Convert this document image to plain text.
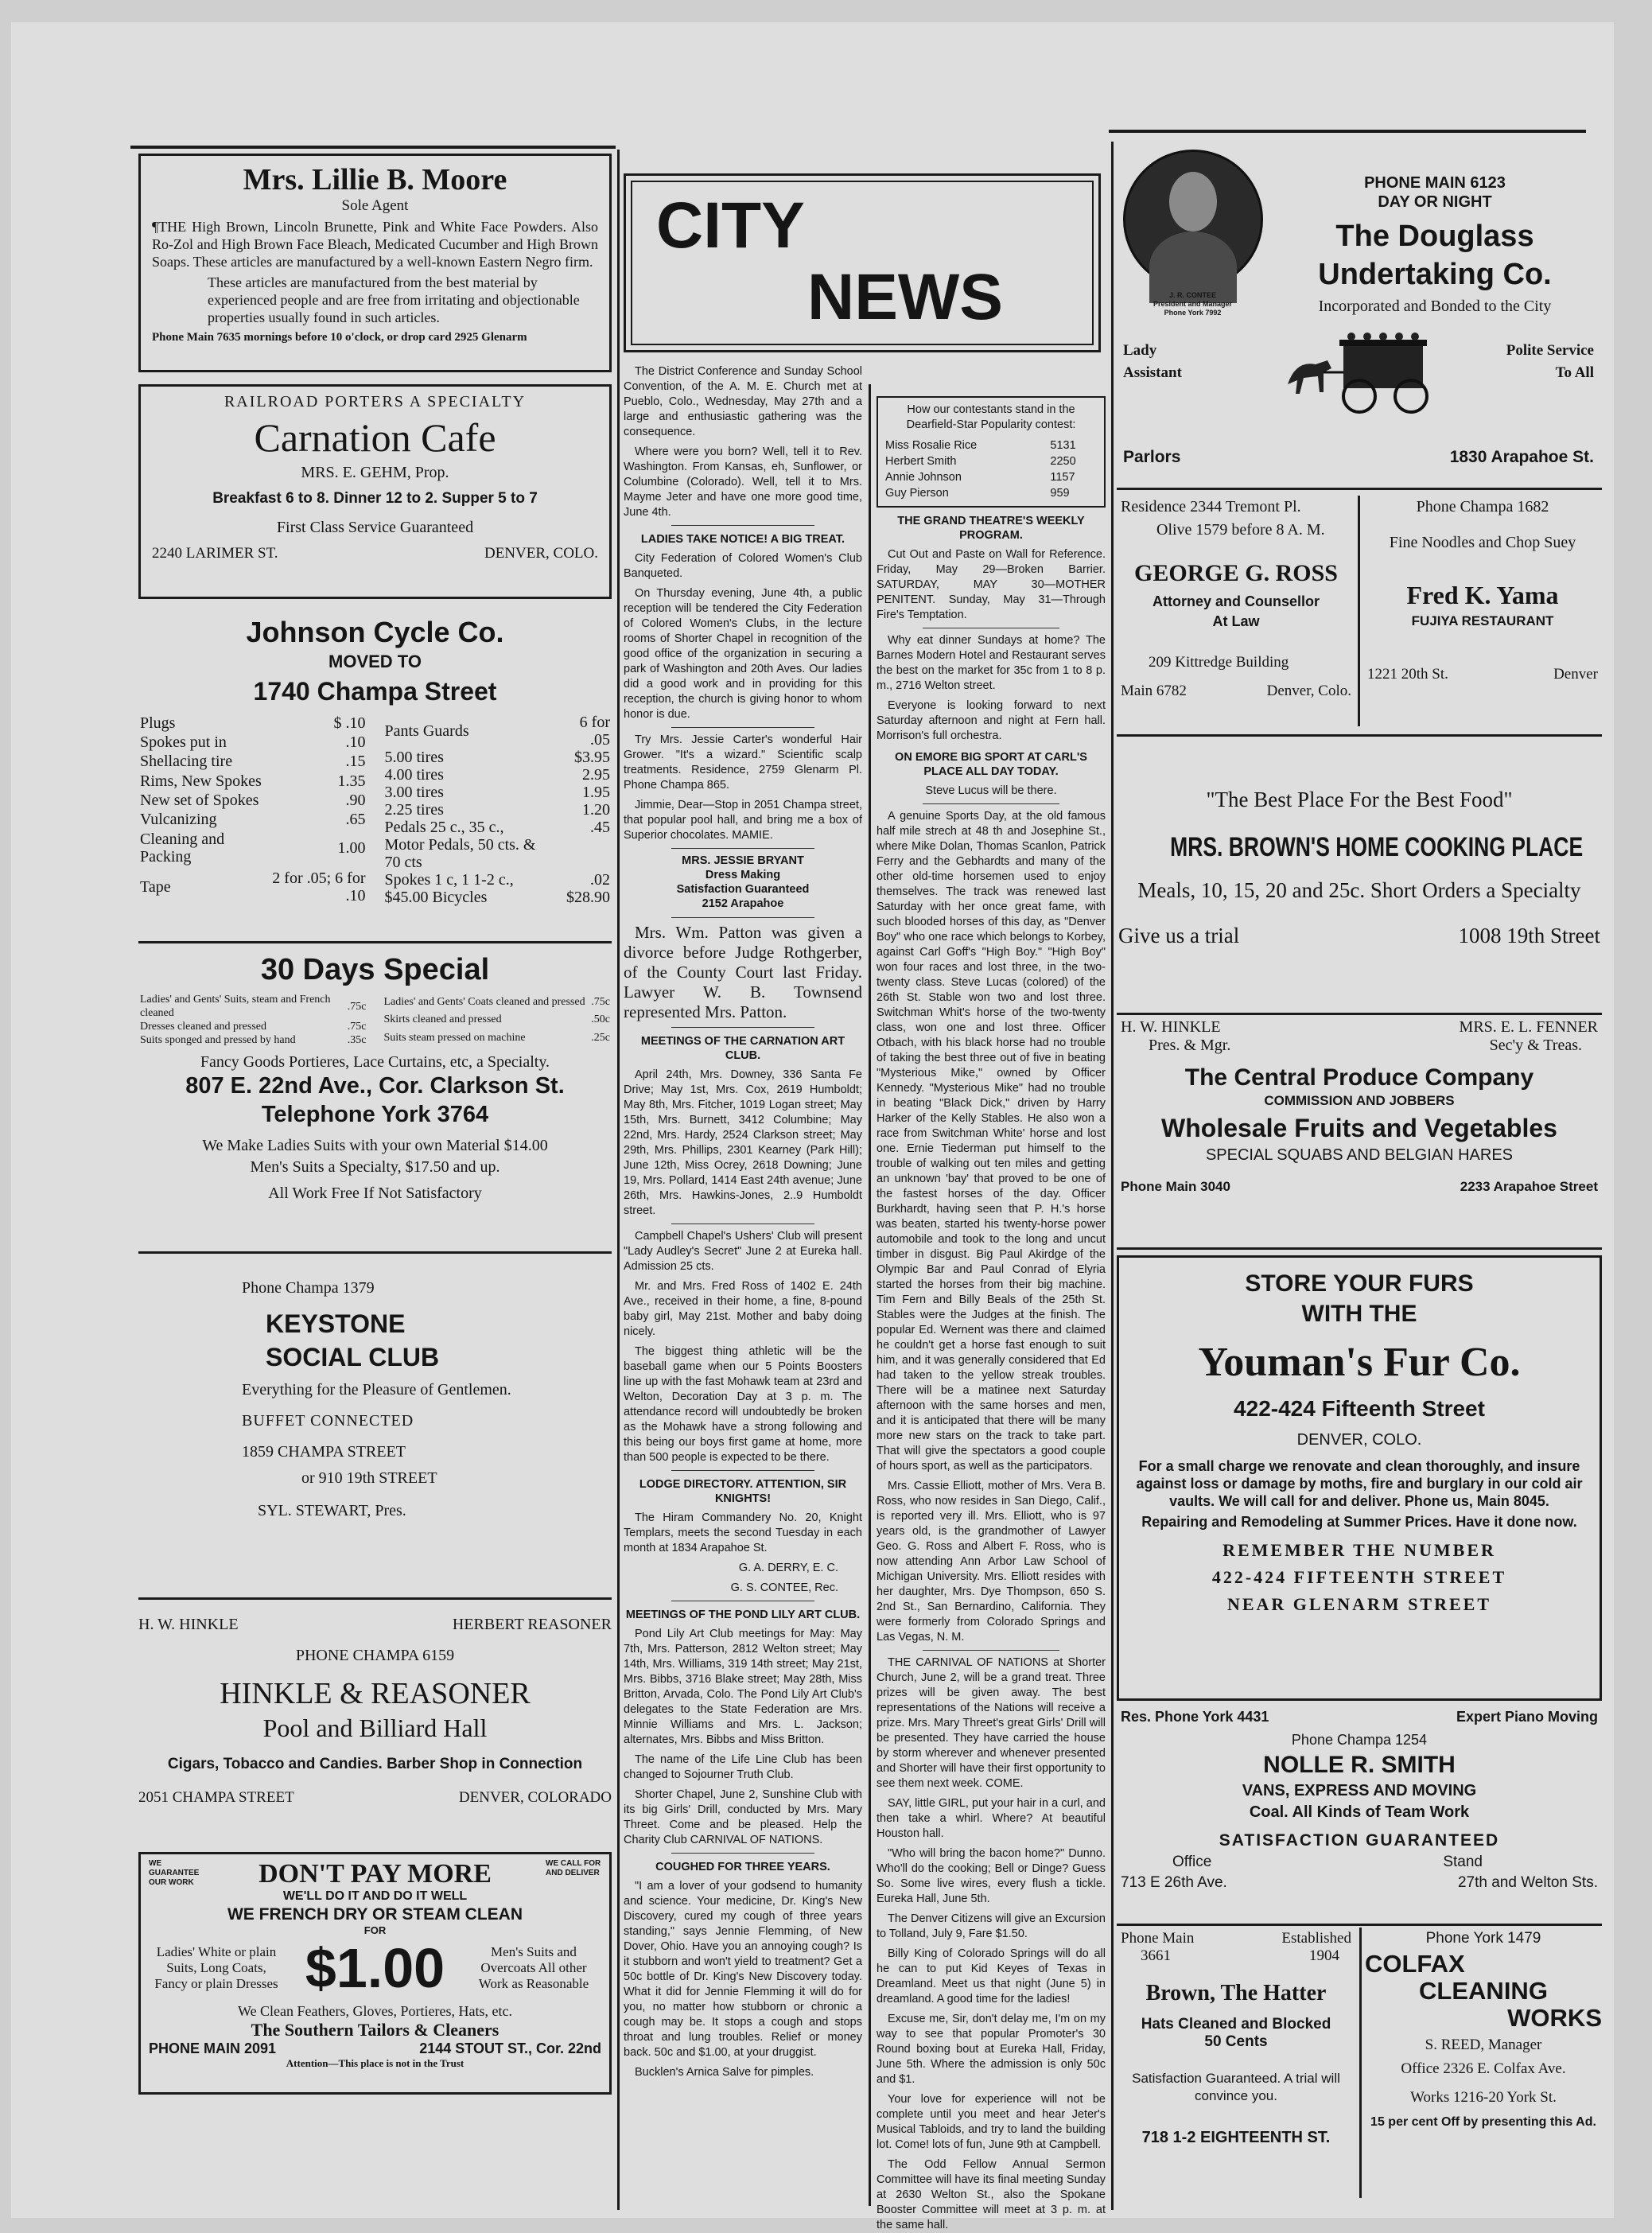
Mrs. Lillie B. Moore

Sole Agent

¶THE High Brown, Lincoln Brunette, Pink and White Face Powders. Also Ro-Zol and High Brown Face Bleach, Medicated Cucumber and High Brown Soaps. These articles are manufactured by a well-known Eastern Negro firm.

These articles are manufactured from the best material by experienced people and are free from irritating and objectionable properties usually found in such articles.

Phone Main 7635 mornings before 10 o'clock, or drop card 2925 Glenarm

RAILROAD PORTERS A SPECIALTY

Carnation Cafe

MRS. E. GEHM, Prop.

Breakfast 6 to 8. Dinner 12 to 2. Supper 5 to 7

First Class Service Guaranteed

2240 LARIMER ST.	DENVER, COLO.

Johnson Cycle Co.

MOVED TO

1740 Champa Street

Plugs	$ .10
Spokes put in	.10
Shellacing tire	.15
Rims, New Spokes	1.35
New set of Spokes	.90
Vulcanizing	.65
Cleaning and Packing	1.00
Tape	2 for .05; 6 for .10
Pants Guards	6 for .05
5.00 tires	$3.95
4.00 tires	2.95
3.00 tires	1.95
2.25 tires	1.20
Pedals 25 c., 35 c.,	.45
Motor Pedals, 50 cts. & 70 cts	
Spokes 1 c, 1 1-2 c.,	.02
$45.00 Bicycles	$28.90

30 Days Special

Ladies' and Gents' Suits, steam and French cleaned	.75c
Dresses cleaned and pressed	.75c
Suits sponged and pressed by hand	.35c
Ladies' and Gents' Coats cleaned and pressed	.75c
Skirts cleaned and pressed	.50c
Suits steam pressed on machine	.25c

Fancy Goods Portieres, Lace Curtains, etc, a Specialty.

807 E. 22nd Ave., Cor. Clarkson St.

Telephone York 3764

We Make Ladies Suits with your own Material $14.00

Men's Suits a Specialty, $17.50 and up.

All Work Free If Not Satisfactory

Phone Champa 1379

KEYSTONE

SOCIAL CLUB

Everything for the Pleasure of Gentlemen.

BUFFET CONNECTED

1859 CHAMPA STREET

or 910 19th STREET

SYL. STEWART, Pres.

H. W. HINKLE	HERBERT REASONER

PHONE CHAMPA 6159

HINKLE & REASONER

Pool and Billiard Hall

Cigars, Tobacco and Candies. Barber Shop in Connection

2051 CHAMPA STREET	DENVER, COLORADO
WE GUARANTEE OUR WORK	DON'T PAY MORE	WE CALL FOR AND DELIVER

WE'LL DO IT AND DO IT WELL

WE FRENCH DRY OR STEAM CLEAN

FOR

Ladies' White or plain Suits, Long Coats, Fancy or plain Dresses $1.00	Men's Suits and Overcoats All other Work as Reasonable

We Clean Feathers, Gloves, Portieres, Hats, etc.

The Southern Tailors & Cleaners

PHONE MAIN 2091	2144 STOUT ST., Cor. 22nd

Attention—This place is not in the Trust

CITY
NEWS

The District Conference and Sunday School Convention, of the A. M. E. Church met at Pueblo, Colo., Wednesday, May 27th and a large and enthusiastic gathering was the consequence.

Where were you born? Well, tell it to Rev. Washington. From Kansas, eh, Sunflower, or Columbine (Colorado). Well, tell it to Mrs. Mayme Jeter and have one more good time, June 4th.

LADIES TAKE NOTICE! A BIG TREAT.

City Federation of Colored Women's Club Banqueted.

On Thursday evening, June 4th, a public reception will be tendered the City Federation of Colored Women's Clubs, in the lecture rooms of Shorter Chapel in recognition of the good office of the organization in securing a park of Washington and 20th Aves. Our ladies did a good work and in providing for this reception, the church is giving honor to whom honor is due.

Try Mrs. Jessie Carter's wonderful Hair Grower. "It's a wizard." Scientific scalp treatments. Residence, 2759 Glenarm Pl. Phone Champa 865.

Jimmie, Dear—Stop in 2051 Champa street, that popular pool hall, and bring me a box of Superior chocolates. MAMIE.

MRS. JESSIE BRYANT

Dress Making

Satisfaction Guaranteed

2152 Arapahoe

Mrs. Wm. Patton was given a divorce before Judge Rothgerber, of the County Court last Friday. Lawyer W. B. Townsend represented Mrs. Patton.

MEETINGS OF THE CARNATION ART CLUB.

April 24th, Mrs. Downey, 336 Santa Fe Drive; May 1st, Mrs. Cox, 2619 Humboldt; May 8th, Mrs. Fitcher, 1019 Logan street; May 15th, Mrs. Burnett, 3412 Columbine; May 22nd, Mrs. Hardy, 2524 Clarkson street; May 29th, Mrs. Phillips, 2301 Kearney (Park Hill); June 12th, Miss Ocrey, 2618 Downing; June 19, Mrs. Pollard, 1414 East 24th avenue; June 26th, Mrs. Hawkins-Jones, 2..9 Humboldt street.

Campbell Chapel's Ushers' Club will present "Lady Audley's Secret" June 2 at Eureka hall. Admission 25 cts.

Mr. and Mrs. Fred Ross of 1402 E. 24th Ave., received in their home, a fine, 8-pound baby girl, May 21st. Mother and baby doing nicely.

The biggest thing athletic will be the baseball game when our 5 Points Boosters line up with the fast Mohawk team at 23rd and Welton, Decoration Day at 3 p. m. The attendance record will undoubtedly be broken as the Mohawk have a strong following and this being our boys first game at home, more than 500 people is expected to be there.

LODGE DIRECTORY. ATTENTION, SIR KNIGHTS!

The Hiram Commandery No. 20, Knight Templars, meets the second Tuesday in each month at 1834 Arapahoe St.

G. A. DERRY, E. C.

G. S. CONTEE, Rec.

MEETINGS OF THE POND LILY ART CLUB.

Pond Lily Art Club meetings for May: May 7th, Mrs. Patterson, 2812 Welton street; May 14th, Mrs. Williams, 319 14th street; May 21st, Mrs. Bibbs, 3716 Blake street; May 28th, Miss Britton, Arvada, Colo. The Pond Lily Art Club's delegates to the State Federation are Mrs. Minnie Williams and Mrs. L. Jackson; alternates, Mrs. Bibbs and Miss Britton.

The name of the Life Line Club has been changed to Sojourner Truth Club.

Shorter Chapel, June 2, Sunshine Club with its big Girls' Drill, conducted by Mrs. Mary Threet. Come and be pleased. Help the Charity Club CARNIVAL OF NATIONS.

COUGHED FOR THREE YEARS.

"I am a lover of your godsend to humanity and science. Your medicine, Dr. King's New Discovery, cured my cough of three years standing," says Jennie Flemming, of New Dover, Ohio. Have you an annoying cough? Is it stubborn and won't yield to treatment? Get a 50c bottle of Dr. King's New Discovery today. What it did for Jennie Flemming it will do for you, no matter how stubborn or chronic a cough may be. It stops a cough and stops throat and lung troubles. Relief or money back. 50c and $1.00, at your druggist.

Bucklen's Arnica Salve for pimples.

How our contestants stand in the Dearfield-Star Popularity contest:

Miss Rosalie Rice	5131
Herbert Smith	2250
Annie Johnson	1157
Guy Pierson	959

THE GRAND THEATRE'S WEEKLY PROGRAM.

Cut Out and Paste on Wall for Reference. Friday, May 29—Broken Barrier. SATURDAY, MAY 30—MOTHER PENITENT. Sunday, May 31—Through Fire's Temptation.

Why eat dinner Sundays at home? The Barnes Modern Hotel and Restaurant serves the best on the market for 35c from 1 to 8 p. m., 2716 Welton street.

Everyone is looking forward to next Saturday afternoon and night at Fern hall. Morrison's full orchestra.

ON EMORE BIG SPORT AT CARL'S PLACE ALL DAY TODAY.

Steve Lucus will be there.

A genuine Sports Day, at the old famous half mile strech at 48 th and Josephine St., where Mike Dolan, Thomas Scanlon, Patrick Ferry and the Gebhardts and many of the other old-time horsemen used to enjoy themselves. The track was renewed last Saturday with her once great fame, with such blooded horses of this day, as "Denver Boy" who one race which belongs to Korbey, against Carl Goff's "High Boy." "High Boy" won four races and lost three, in the two-twenty class. Steve Lucas (colored) of the 26th St. Stable won two and lost three. Switchman Whit's horse of the two-twenty class, won one and lost three. Officer Otbach, with his black horse had no trouble of taking the best three out of five in beating "Mysterious Mike," owned by Officer Kennedy. "Mysterious Mike" had no trouble in beating "Black Dick," driven by Harry Harker of the Kelly Stables. He also won a race from Switchman White' horse and lost one. Ernie Tiederman put himself to the trouble of walking out ten miles and getting an unknown 'bay' that proved to be one of the fastest horses of the day. Officer Burkhardt, having seen that P. H.'s horse was beaten, started his twenty-horse power automobile and took to the long and uncut timber in disgust. Big Paul Akirdge of the Olympic Bar and Paul Conrad of Elyria started the horses from their big machine. Tim Fern and Billy Beals of the 25th St. Stables were the Judges at the finish. The popular Ed. Wernent was there and claimed he couldn't get a horse fast enough to suit him, and it was generally considered that Ed had taken to the yellow streak troubles. There will be a matinee next Saturday afternoon with the same horses and men, and it is anticipated that there will be many more new stars on the track to take part. That will give the spectators a good couple of hours sport, as well as the participators.

Mrs. Cassie Elliott, mother of Mrs. Vera B. Ross, who now resides in San Diego, Calif., is reported very ill. Mrs. Elliott, who is 97 years old, is the grandmother of Lawyer Geo. G. Ross and Albert F. Ross, who is now attending Ann Arbor Law School of Michigan University. Mrs. Elliott resides with her daughter, Mrs. Dye Thompson, 650 S. 2nd St., San Bernardino, California. They were formerly from Colorado Springs and Las Vegas, N. M.

THE CARNIVAL OF NATIONS at Shorter Church, June 2, will be a grand treat. Three prizes will be given away. The best representations of the Nations will receive a prize. Mrs. Mary Threet's great Girls' Drill will be presented. They have carried the house by storm wherever and whenever presented and Shorter will have their first opportunity to see them next week. COME.

SAY, little GIRL, put your hair in a curl, and then take a whirl. Where? At beautiful Houston hall.

"Who will bring the bacon home?" Dunno. Who'll do the cooking; Bell or Dinge? Guess So. Some live wires, every flush a tickle. Eureka Hall, June 5th.

The Denver Citizens will give an Excursion to Tolland, July 9, Fare $1.50.

Billy King of Colorado Springs will do all he can to put Kid Keyes of Texas in Dreamland. Meet us that night (June 5) in dreamland. A good time for the ladies!

Excuse me, Sir, don't delay me, I'm on my way to see that popular Promoter's 30 Round boxing bout at Eureka Hall, Friday, June 5th. Where the admission is only 50c and $1.

Your love for experience will not be complete until you meet and hear Jeter's Musical Tabloids, and try to land the building lot. Come! lots of fun, June 9th at Campbell.

The Odd Fellow Annual Sermon Committee will have its final meeting Sunday at 2630 Welton St., also the Spokane Booster Committee will meet at 3 p. m. at the same hall.

J. R. CONTEE

President and Manager

Phone York 7992

PHONE MAIN 6123

DAY OR NIGHT

The Douglass

Undertaking Co.

Incorporated and Bonded to the City

Lady
Assistant
Polite Service
To All
Parlors	1830 Arapahoe St.

Residence 2344 Tremont Pl.

Olive 1579 before 8 A. M.

GEORGE G. ROSS

Attorney and Counsellor

At Law

209 Kittredge Building

Main 6782	Denver, Colo.

Phone Champa 1682

Fine Noodles and Chop Suey

Fred K. Yama

FUJIYA RESTAURANT

1221 20th St.	Denver

"The Best Place For the Best Food"

MRS. BROWN'S HOME COOKING PLACE

Meals, 10, 15, 20 and 25c. Short Orders a Specialty

Give us a trial	1008 19th Street
H. W. HINKLE	MRS. E. L. FENNER
Pres. & Mgr.	Sec'y & Treas.

The Central Produce Company

COMMISSION AND JOBBERS

Wholesale Fruits and Vegetables

SPECIAL SQUABS AND BELGIAN HARES

Phone Main 3040	2233 Arapahoe Street

STORE YOUR FURS

WITH THE

Youman's Fur Co.

422-424 Fifteenth Street

DENVER, COLO.

For a small charge we renovate and clean thoroughly, and insure against loss or damage by moths, fire and burglary in our cold air vaults. We will call for and deliver. Phone us, Main 8045.

Repairing and Remodeling at Summer Prices. Have it done now.

REMEMBER THE NUMBER

422-424 FIFTEENTH STREET

NEAR GLENARM STREET

Res. Phone York 4431	Expert Piano Moving

Phone Champa 1254

NOLLE R. SMITH

VANS, EXPRESS AND MOVING

Coal. All Kinds of Team Work

SATISFACTION GUARANTEED

Office	Stand
713 E 26th Ave.	27th and Welton Sts.
Phone Main	Established
3661	1904

Brown, The Hatter

Hats Cleaned and Blocked

50 Cents

Satisfaction Guaranteed. A trial will convince you.

718 1-2 EIGHTEENTH ST.

Phone York 1479

COLFAX

CLEANING

WORKS

S. REED, Manager

Office 2326 E. Colfax Ave.

Works 1216-20 York St.

15 per cent Off by presenting this Ad.
